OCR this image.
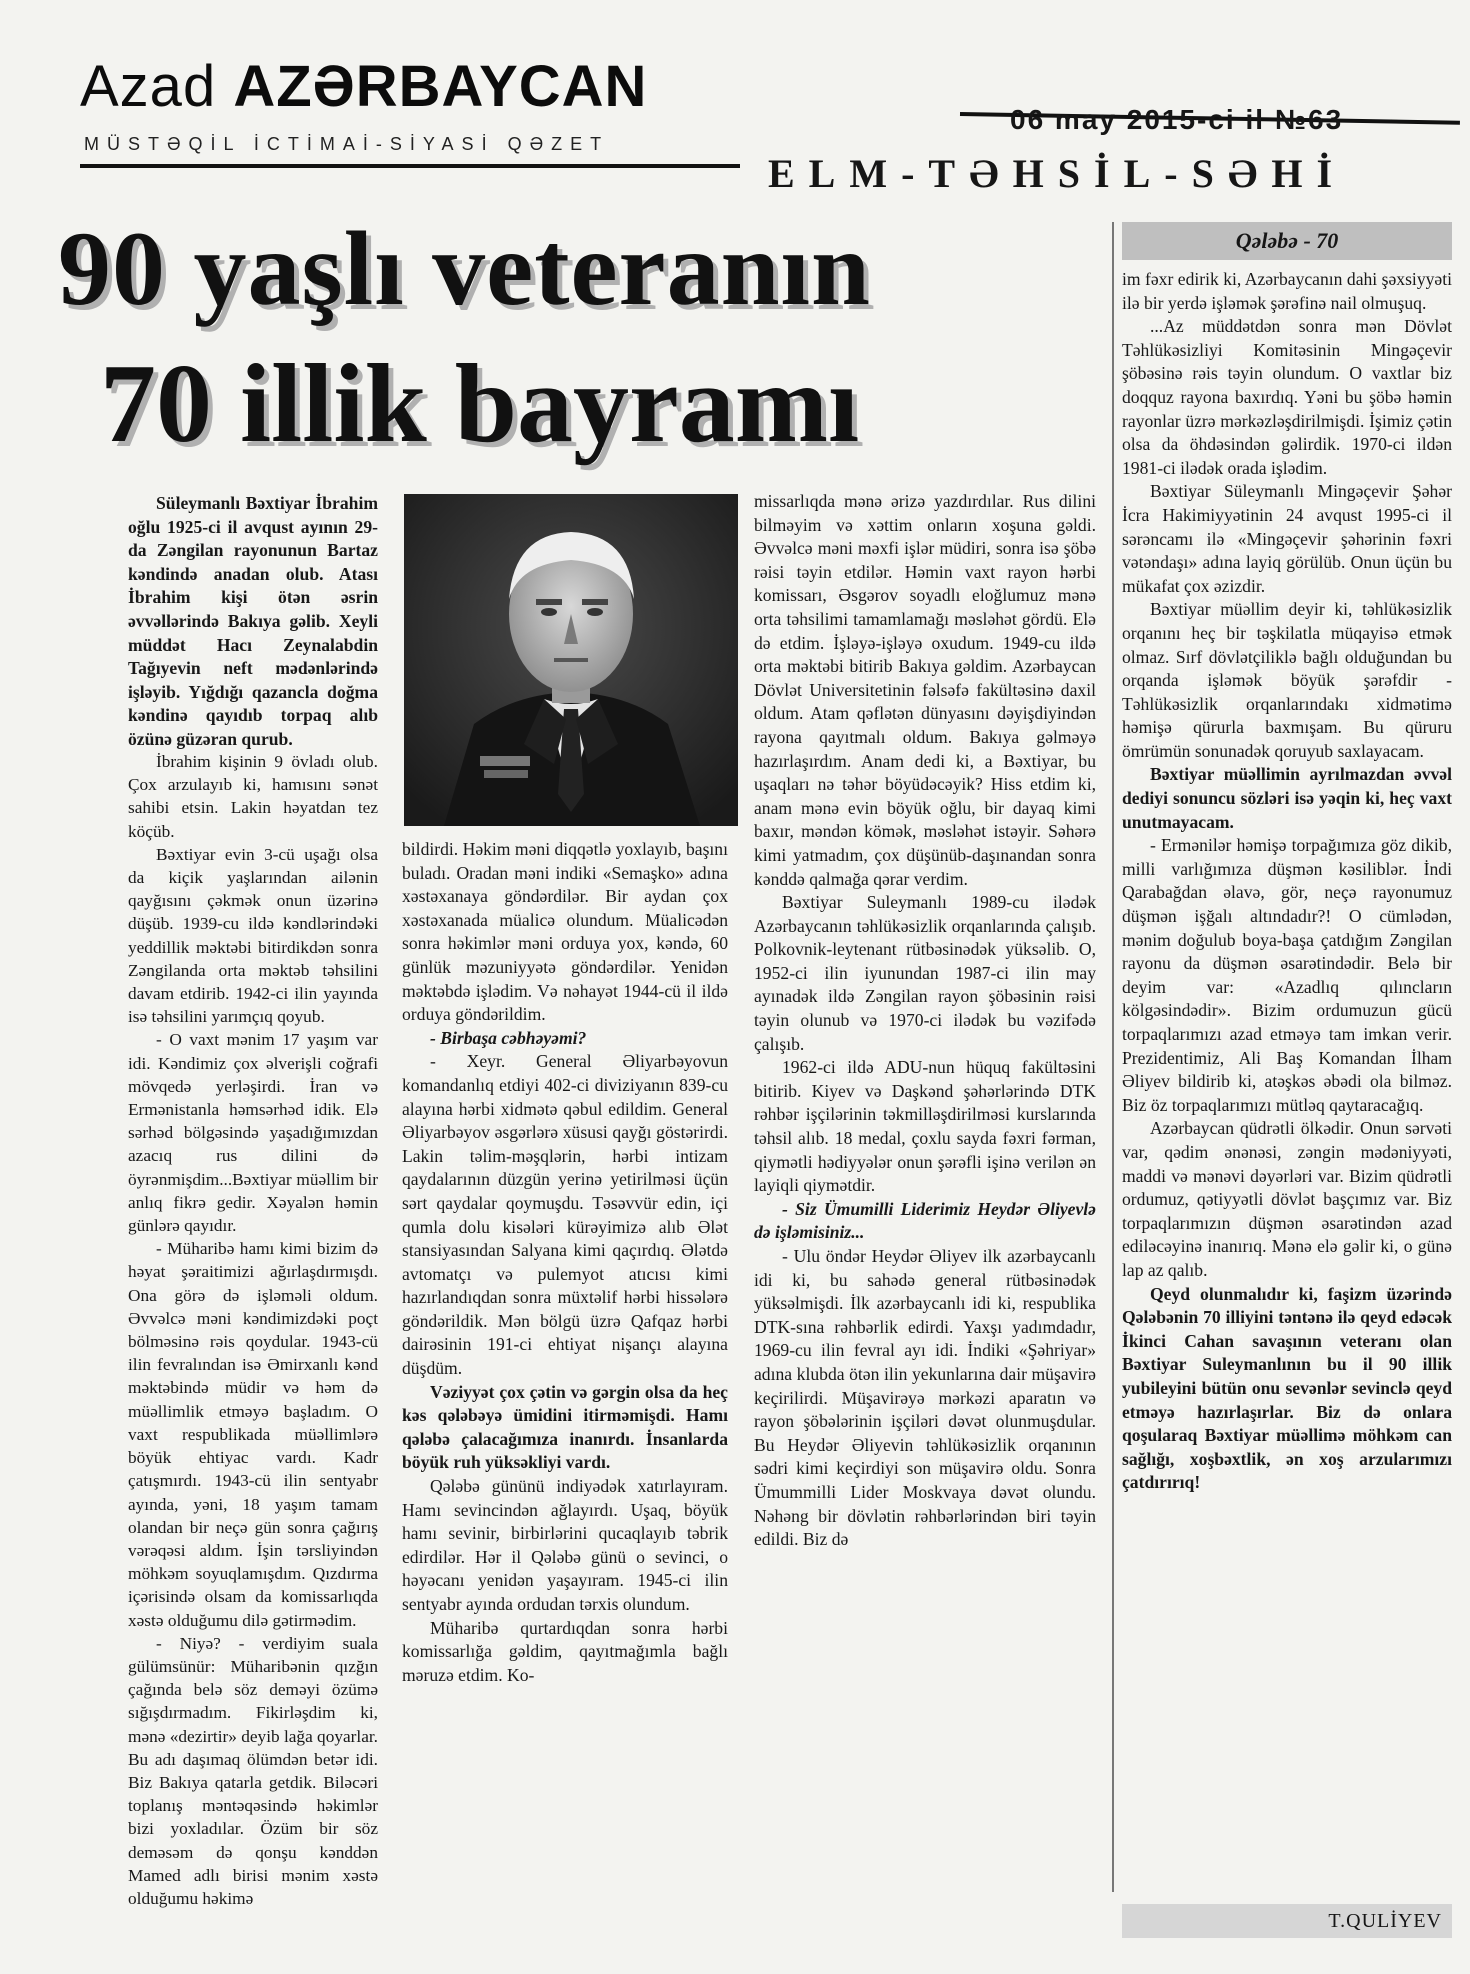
Azad AZƏRBAYCAN
MÜSTƏQİL İCTİMAİ-SİYASİ QƏZET
06 may 2015-ci il №63
ELM-TƏHSİL-SƏHİ
90 yaşlı veteranın
70 illik bayramı
Qələbə - 70

Süleymanlı Bəxtiyar İbrahim oğlu 1925-ci il avqust ayının 29-da Zəngilan rayonunun Bartaz kəndində anadan olub. Atası İbrahim kişi ötən əsrin əvvəllərində Bakıya gəlib. Xeyli müddət Hacı Zeynalabdin Tağıyevin neft mədənlərində işləyib. Yığdığı qazancla doğma kəndinə qayıdıb torpaq alıb özünə güzəran qurub.

İbrahim kişinin 9 övladı olub. Çox arzulayıb ki, hamısını sənət sahibi etsin. Lakin həyatdan tez köçüb.

Bəxtiyar evin 3-cü uşağı olsa da kiçik yaşlarından ailənin qayğısını çəkmək onun üzərinə düşüb. 1939-cu ildə kəndlərindəki yeddillik məktəbi bitirdikdən sonra Zəngilanda orta məktəb təhsilini davam etdirib. 1942-ci ilin yayında isə təhsilini yarımçıq qoyub.

- O vaxt mənim 17 yaşım var idi. Kəndimiz çox əlverişli coğrafi mövqedə yerləşirdi. İran və Ermənistanla həmsərhəd idik. Elə sərhəd bölgəsində yaşadığımızdan azacıq rus dilini də öyrənmişdim...Bəxtiyar müəllim bir anlıq fikrə gedir. Xəyalən həmin günlərə qayıdır.

- Müharibə hamı kimi bizim də həyat şəraitimizi ağırlaşdırmışdı. Ona görə də işləməli oldum. Əvvəlcə məni kəndimizdəki poçt bölməsinə rəis qoydular. 1943-cü ilin fevralından isə Əmirxanlı kənd məktəbində müdir və həm də müəllimlik etməyə başladım. O vaxt respublikada müəllimlərə böyük ehtiyac vardı. Kadr çatışmırdı. 1943-cü ilin sentyabr ayında, yəni, 18 yaşım tamam olandan bir neçə gün sonra çağırış vərəqəsi aldım. İşin tərsliyindən möhkəm soyuqlamışdım. Qızdırma içərisində olsam da komissarlıqda xəstə olduğumu dilə gətirmədim.

- Niyə? - verdiyim suala gülümsünür: Müharibənin qızğın çağında belə söz deməyi özümə sığışdırmadım. Fikirləşdim ki, mənə «dezirtir» deyib lağa qoyarlar. Bu adı daşımaq ölümdən betər idi. Biz Bakıya qatarla getdik. Biləcəri toplanış məntəqəsində həkimlər bizi yoxladılar. Özüm bir söz deməsəm də qonşu kənddən Mamed adlı birisi mənim xəstə olduğumu həkimə

bildirdi. Həkim məni diqqətlə yoxlayıb, başını buladı. Oradan məni indiki «Semaşko» adına xəstəxanaya göndərdilər. Bir aydan çox xəstəxanada müalicə olundum. Müalicədən sonra həkimlər məni orduya yox, kəndə, 60 günlük məzuniyyətə göndərdilər. Yenidən məktəbdə işlədim. Və nəhayət 1944-cü il ildə orduya göndərildim.

- Birbaşa cəbhəyəmi?

- Xeyr. General Əliyarbəyovun komandanlıq etdiyi 402-ci diviziyanın 839-cu alayına hərbi xidmətə qəbul edildim. General Əliyarbəyov əsgərlərə xüsusi qayğı göstərirdi. Lakin təlim-məşqlərin, hərbi intizam qaydalarının düzgün yerinə yetirilməsi üçün sərt qaydalar qoymuşdu. Təsəvvür edin, içi qumla dolu kisələri kürəyimizə alıb Ələt stansiyasından Salyana kimi qaçırdıq. Ələtdə avtomatçı və pulemyot atıcısı kimi hazırlandıqdan sonra müxtəlif hərbi hissələrə göndərildik. Mən bölgü üzrə Qafqaz hərbi dairəsinin 191-ci ehtiyat nişançı alayına düşdüm.

Vəziyyət çox çətin və gərgin olsa da heç kəs qələbəyə ümidini itirməmişdi. Hamı qələbə çalacağımıza inanırdı. İnsanlarda böyük ruh yüksəkliyi vardı.

Qələbə gününü indiyədək xatırlayıram. Hamı sevincindən ağlayırdı. Uşaq, böyük hamı sevinir, birbirlərini qucaqlayıb təbrik edirdilər. Hər il Qələbə günü o sevinci, o həyəcanı yenidən yaşayıram. 1945-ci ilin sentyabr ayında ordudan tərxis olundum.

Müharibə qurtardıqdan sonra hərbi komissarlığa gəldim, qayıtmağımla bağlı məruzə etdim. Ko-

missarlıqda mənə ərizə yazdırdılar. Rus dilini bilməyim və xəttim onların xoşuna gəldi. Əvvəlcə məni məxfi işlər müdiri, sonra isə şöbə rəisi təyin etdilər. Həmin vaxt rayon hərbi komissarı, Əsgərov soyadlı eloğlumuz mənə orta təhsilimi tamamlamağı məsləhət gördü. Elə də etdim. İşləyə-işləyə oxudum. 1949-cu ildə orta məktəbi bitirib Bakıya gəldim. Azərbaycan Dövlət Universitetinin fəlsəfə fakültəsinə daxil oldum. Atam qəflətən dünyasını dəyişdiyindən rayona qayıtmalı oldum. Bakıya gəlməyə hazırlaşırdım. Anam dedi ki, a Bəxtiyar, bu uşaqları nə təhər böyüdəcəyik? Hiss etdim ki, anam mənə evin böyük oğlu, bir dayaq kimi baxır, məndən kömək, məsləhət istəyir. Səhərə kimi yatmadım, çox düşünüb-daşınandan sonra kənddə qalmağa qərar verdim.

Bəxtiyar Suleymanlı 1989-cu ilədək Azərbaycanın təhlükəsizlik orqanlarında çalışıb. Polkovnik-leytenant rütbəsinədək yüksəlib. O, 1952-ci ilin iyunundan 1987-ci ilin may ayınadək ildə Zəngilan rayon şöbəsinin rəisi təyin olunub və 1970-ci ilədək bu vəzifədə çalışıb.

1962-ci ildə ADU-nun hüquq fakültəsini bitirib. Kiyev və Daşkənd şəhərlərində DTK rəhbər işçilərinin təkmilləşdirilməsi kurslarında təhsil alıb. 18 medal, çoxlu sayda fəxri fərman, qiymətli hədiyyələr onun şərəfli işinə verilən ən layiqli qiymətdir.

- Siz Ümumilli Liderimiz Heydər Əliyevlə də işləmisiniz...

- Ulu öndər Heydər Əliyev ilk azərbaycanlı idi ki, bu sahədə general rütbəsinədək yüksəlmişdi. İlk azərbaycanlı idi ki, respublika DTK-sına rəhbərlik edirdi. Yaxşı yadımdadır, 1969-cu ilin fevral ayı idi. İndiki «Şəhriyar» adına klubda ötən ilin yekunlarına dair müşavirə keçirilirdi. Müşavirəyə mərkəzi aparatın və rayon şöbələrinin işçiləri dəvət olunmuşdular. Bu Heydər Əliyevin təhlükəsizlik orqanının sədri kimi keçirdiyi son müşavirə oldu. Sonra Ümummilli Lider Moskvaya dəvət olundu. Nəhəng bir dövlətin rəhbərlərindən biri təyin edildi. Biz də

im fəxr edirik ki, Azərbaycanın dahi şəxsiyyəti ilə bir yerdə işləmək şərəfinə nail olmuşuq.

...Az müddətdən sonra mən Dövlət Təhlükəsizliyi Komitəsinin Mingəçevir şöbəsinə rəis təyin olundum. O vaxtlar biz doqquz rayona baxırdıq. Yəni bu şöbə həmin rayonlar üzrə mərkəzləşdirilmişdi. İşimiz çətin olsa da öhdəsindən gəlirdik. 1970-ci ildən 1981-ci ilədək orada işlədim.

Bəxtiyar Süleymanlı Mingəçevir Şəhər İcra Hakimiyyətinin 24 avqust 1995-ci il sərəncamı ilə «Mingəçevir şəhərinin fəxri vətəndaşı» adına layiq görülüb. Onun üçün bu mükafat çox əzizdir.

Bəxtiyar müəllim deyir ki, təhlükəsizlik orqanını heç bir təşkilatla müqayisə etmək olmaz. Sırf dövlətçiliklə bağlı olduğundan bu orqanda işləmək böyük şərəfdir - Təhlükəsizlik orqanlarındakı xidmətimə həmişə qürurla baxmışam. Bu qüruru ömrümün sonunadək qoruyub saxlayacam.

Bəxtiyar müəllimin ayrılmazdan əvvəl dediyi sonuncu sözləri isə yəqin ki, heç vaxt unutmayacam.

- Ermənilər həmişə torpağımıza göz dikib, milli varlığımıza düşmən kəsiliblər. İndi Qarabağdan əlavə, gör, neçə rayonumuz düşmən işğalı altındadır?! O cümlədən, mənim doğulub boya-başa çatdığım Zəngilan rayonu da düşmən əsarətindədir. Belə bir deyim var: «Azadlıq qılıncların kölgəsindədir». Bizim ordumuzun gücü torpaqlarımızı azad etməyə tam imkan verir. Prezidentimiz, Ali Baş Komandan İlham Əliyev bildirib ki, atəşkəs əbədi ola bilməz. Biz öz torpaqlarımızı mütləq qaytaracağıq.

Azərbaycan qüdrətli ölkədir. Onun sərvəti var, qədim ənənəsi, zəngin mədəniyyəti, maddi və mənəvi dəyərləri var. Bizim qüdrətli ordumuz, qətiyyətli dövlət başçımız var. Biz torpaqlarımızın düşmən əsarətindən azad ediləcəyinə inanırıq. Mənə elə gəlir ki, o günə lap az qalıb.

Qeyd olunmalıdır ki, faşizm üzərində Qələbənin 70 illiyini təntənə ilə qeyd edəcək İkinci Cahan savaşının veteranı olan Bəxtiyar Suleymanlının bu il 90 illik yubileyini bütün onu sevənlər sevinclə qeyd etməyə hazırlaşırlar. Biz də onlara qoşularaq Bəxtiyar müəllimə möhkəm can sağlığı, xoşbəxtlik, ən xoş arzularımızı çatdırırıq!

T.QULİYEV
